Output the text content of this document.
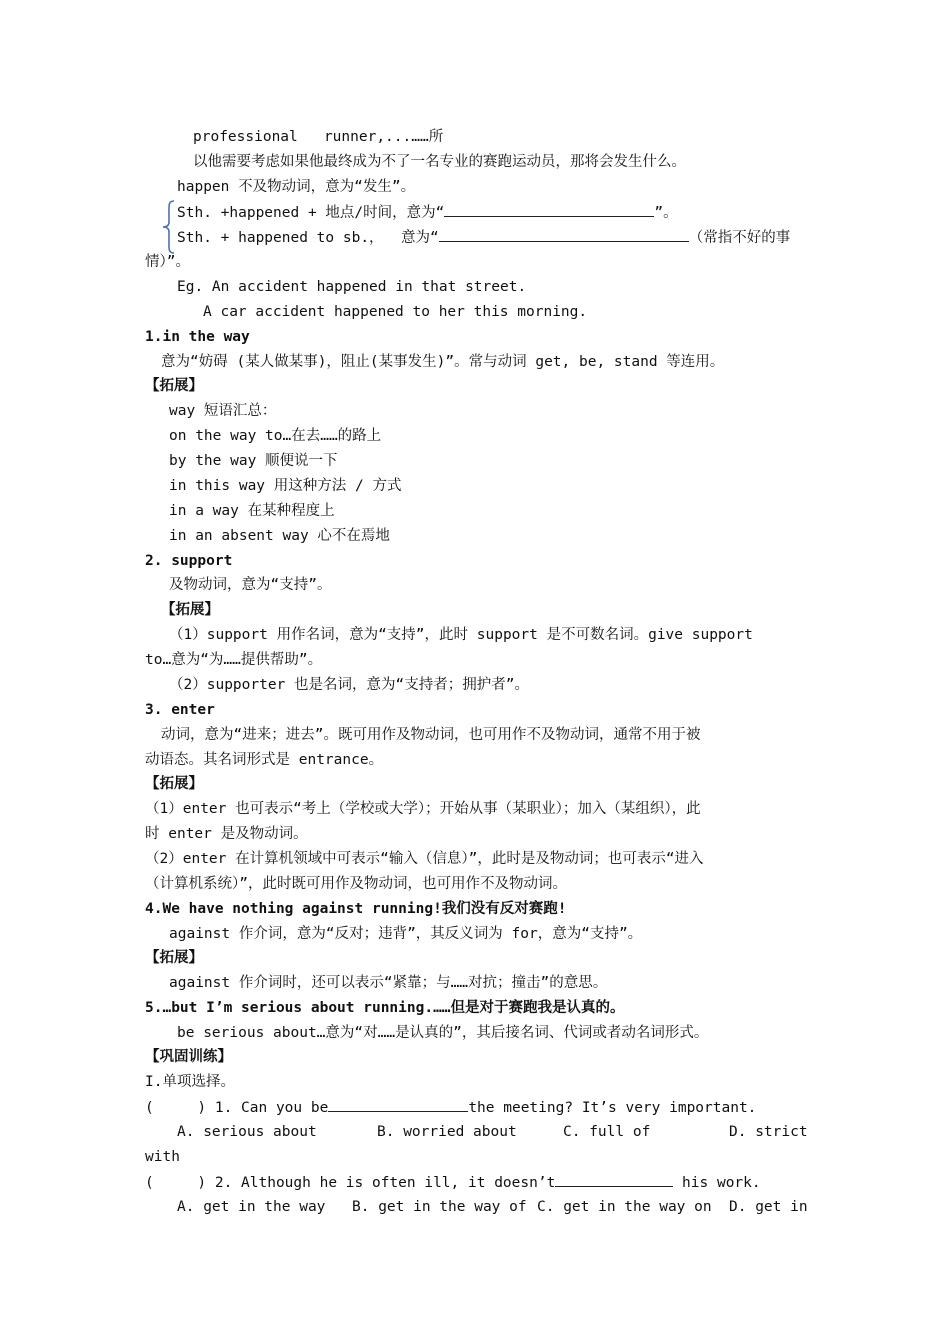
professional   runner,...……所
以他需要考虑如果他最终成为不了一名专业的赛跑运动员，那将会发生什么。
happen 不及物动词，意为“发生”。
Sth. +happened + 地点/时间，意为“	”。
Sth. + happened to sb.，  意为“	（常指不好的事
情）”。
Eg. An accident happened in that street.
A car accident happened to her this morning.
1.in the way
意为“妨碍 (某人做某事)，阻止(某事发生)”。常与动词 get, be, stand 等连用。
【拓展】
way 短语汇总：
on the way to…在去……的路上
by the way 顺便说一下
in this way 用这种方法 / 方式
in a way 在某种程度上
in an absent way 心不在焉地
2. support
及物动词，意为“支持”。
【拓展】
（1）support 用作名词，意为“支持”，此时 support 是不可数名词。give support
to…意为“为……提供帮助”。
（2）supporter 也是名词，意为“支持者；拥护者”。
3. enter
动词，意为“进来；进去”。既可用作及物动词，也可用作不及物动词，通常不用于被
动语态。其名词形式是 entrance。
【拓展】
（1）enter 也可表示“考上（学校或大学）；开始从事（某职业）；加入（某组织），此
时 enter 是及物动词。
（2）enter 在计算机领域中可表示“输入（信息）”，此时是及物动词；也可表示“进入
（计算机系统）”，此时既可用作及物动词，也可用作不及物动词。
4.We have nothing against running!我们没有反对赛跑!
against 作介词，意为“反对；违背”，其反义词为 for，意为“支持”。
【拓展】
against 作介词时，还可以表示“紧靠；与……对抗；撞击”的意思。
5.…but I’m serious about running.……但是对于赛跑我是认真的。
be serious about…意为“对……是认真的”，其后接名词、代词或者动名词形式。
【巩固训练】
I.单项选择。
(     ) 1. Can you be	the meeting? It’s very important.
A. serious about	B. worried about	C. full of	D. strict
with
(     ) 2. Although he is often ill, it doesn’t	his work.
A. get in the way B. get in the way of C. get in the way on D. get in
